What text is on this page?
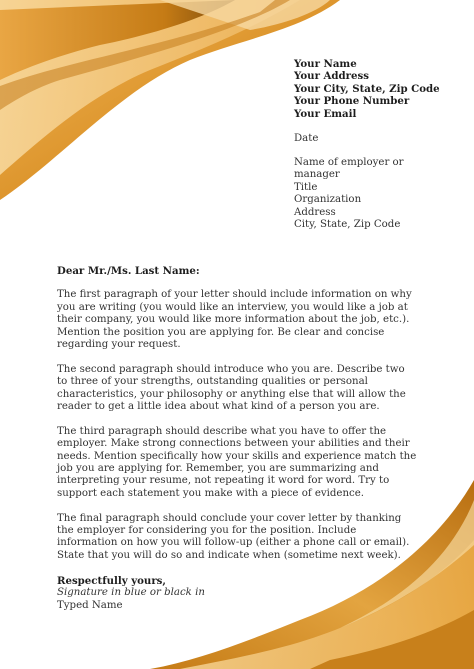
Your Name
Your Address
Your City, State, Zip Code
Your Phone Number
Your Email
Date
Name of employer or
manager
Title
Organization
Address
City, State, Zip Code

Dear Mr./Ms. Last Name:

The first paragraph of your letter should include information on why you are writing (you would like an interview, you would like a job at their company, you would like more information about the job, etc.). Mention the position you are applying for. Be clear and concise regarding your request.

The second paragraph should introduce who you are. Describe two to three of your strengths, outstanding qualities or personal characteristics, your philosophy or anything else that will allow the reader to get a little idea about what kind of a person you are.

The third paragraph should describe what you have to offer the employer. Make strong connections between your abilities and their needs. Mention specifically how your skills and experience match the job you are applying for. Remember, you are summarizing and interpreting your resume, not repeating it word for word. Try to support each statement you make with a piece of evidence.

The final paragraph should conclude your cover letter by thanking the employer for considering you for the position. Include information on how you will follow-up (either a phone call or email). State that you will do so and indicate when (sometime next week).

Respectfully yours,
Signature in blue or black in
Typed Name
